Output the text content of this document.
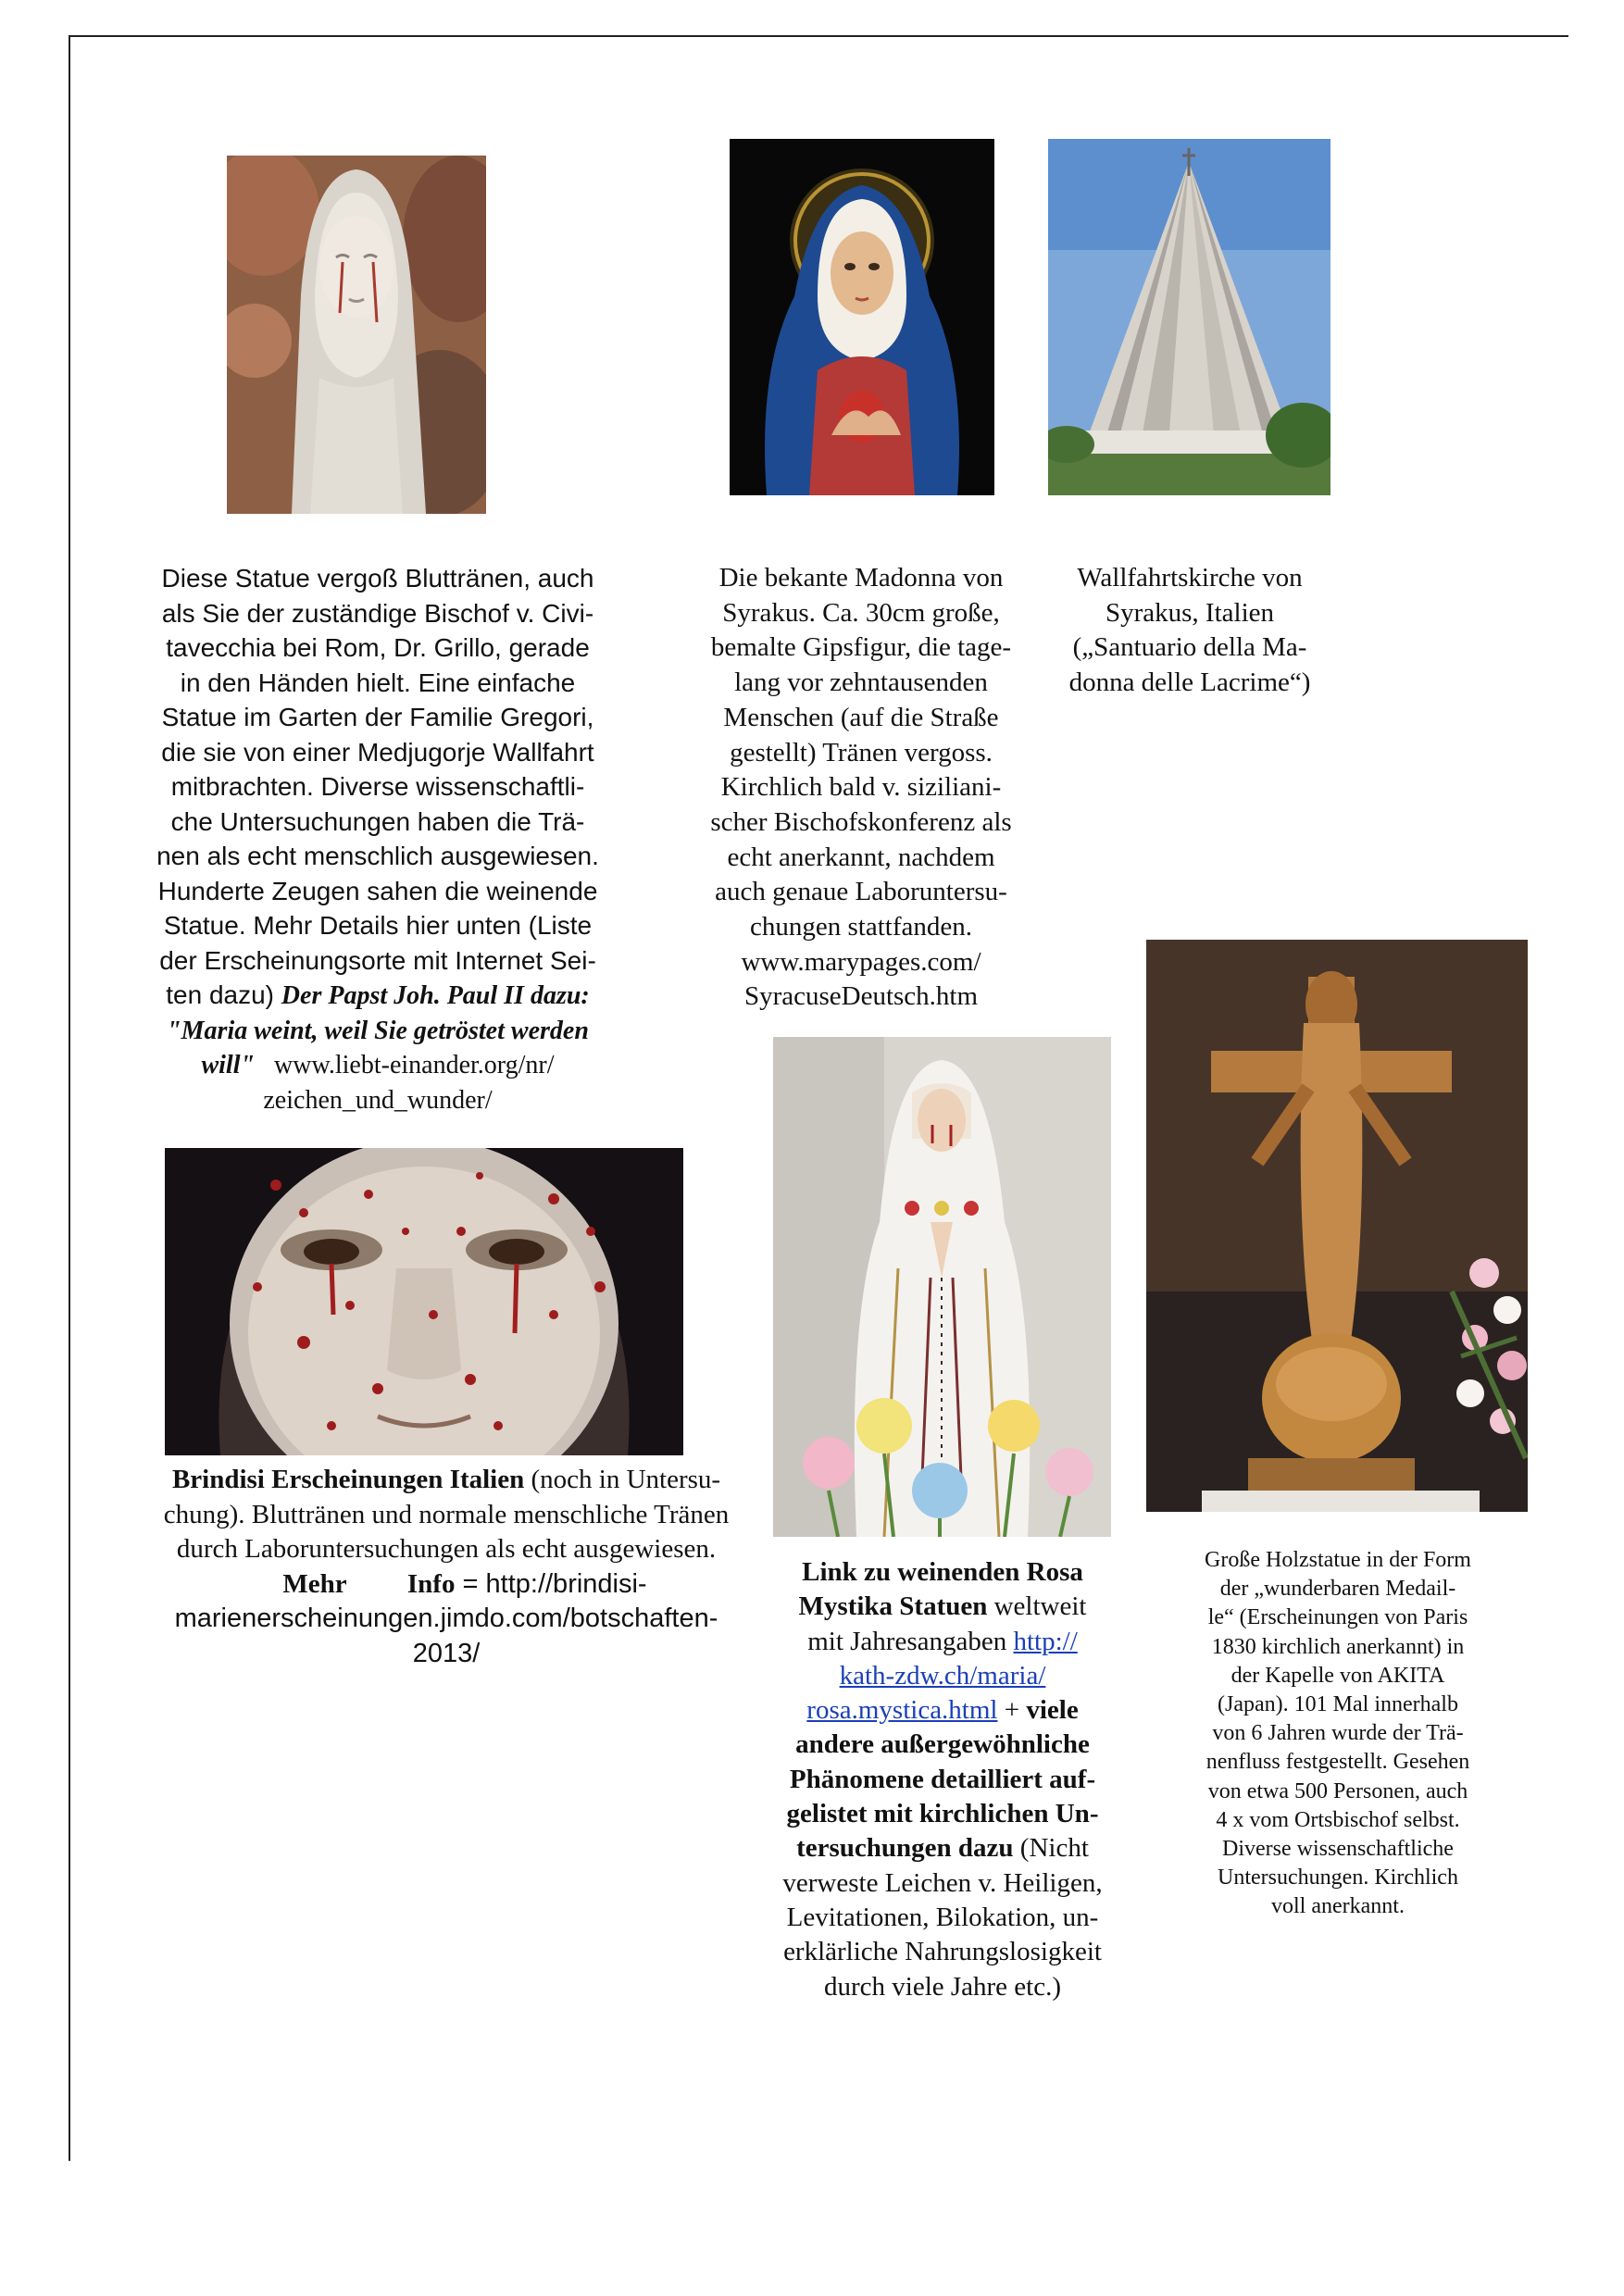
Diese Statue vergoß Bluttränen, auch
als Sie der zuständige Bischof v. Civi-
tavecchia bei Rom, Dr. Grillo, gerade
in den Händen hielt. Eine einfache
Statue im Garten der Familie Gregori,
die sie von einer Medjugorje Wallfahrt
mitbrachten. Diverse wissenschaftli-
che Untersuchungen haben die Trä-
nen als echt menschlich ausgewiesen.
Hunderte Zeugen sahen die weinende
Statue. Mehr Details hier unten (Liste
der Erscheinungsorte mit Internet Sei-
ten dazu) Der Papst Joh. Paul II dazu:
"Maria weint, weil Sie getröstet werden
will" www.liebt-einander.org/nr/
zeichen_und_wunder/
Die bekante Madonna von
Syrakus. Ca. 30cm große,
bemalte Gipsfigur, die tage-
lang vor zehntausenden
Menschen (auf die Straße
gestellt) Tränen vergoss.
Kirchlich bald v. siziliani-
scher Bischofskonferenz als
echt anerkannt, nachdem
auch genaue Laboruntersu-
chungen stattfanden.
www.marypages.com/
SyracuseDeutsch.htm
Wallfahrtskirche von
Syrakus, Italien
(„Santuario della Ma-
donna delle Lacrime“)
Brindisi Erscheinungen Italien (noch in Untersu-
chung). Bluttränen und normale menschliche Tränen
durch Laboruntersuchungen als echt ausgewiesen.
Mehr Info = http://brindisi-
marienerscheinungen.jimdo.com/botschaften-
2013/
Link zu weinenden Rosa
Mystika Statuen weltweit
mit Jahresangaben http://
kath-zdw.ch/maria/
rosa.mystica.html + viele
andere außergewöhnliche
Phänomene detailliert auf-
gelistet mit kirchlichen Un-
tersuchungen dazu (Nicht
verweste Leichen v. Heiligen,
Levitationen, Bilokation, un-
erklärliche Nahrungslosigkeit
durch viele Jahre etc.)
Große Holzstatue in der Form
der „wunderbaren Medail-
le“ (Erscheinungen von Paris
1830 kirchlich anerkannt) in
der Kapelle von AKITA
(Japan). 101 Mal innerhalb
von 6 Jahren wurde der Trä-
nenfluss festgestellt. Gesehen
von etwa 500 Personen, auch
4 x vom Ortsbischof selbst.
Diverse wissenschaftliche
Untersuchungen. Kirchlich
voll anerkannt.
